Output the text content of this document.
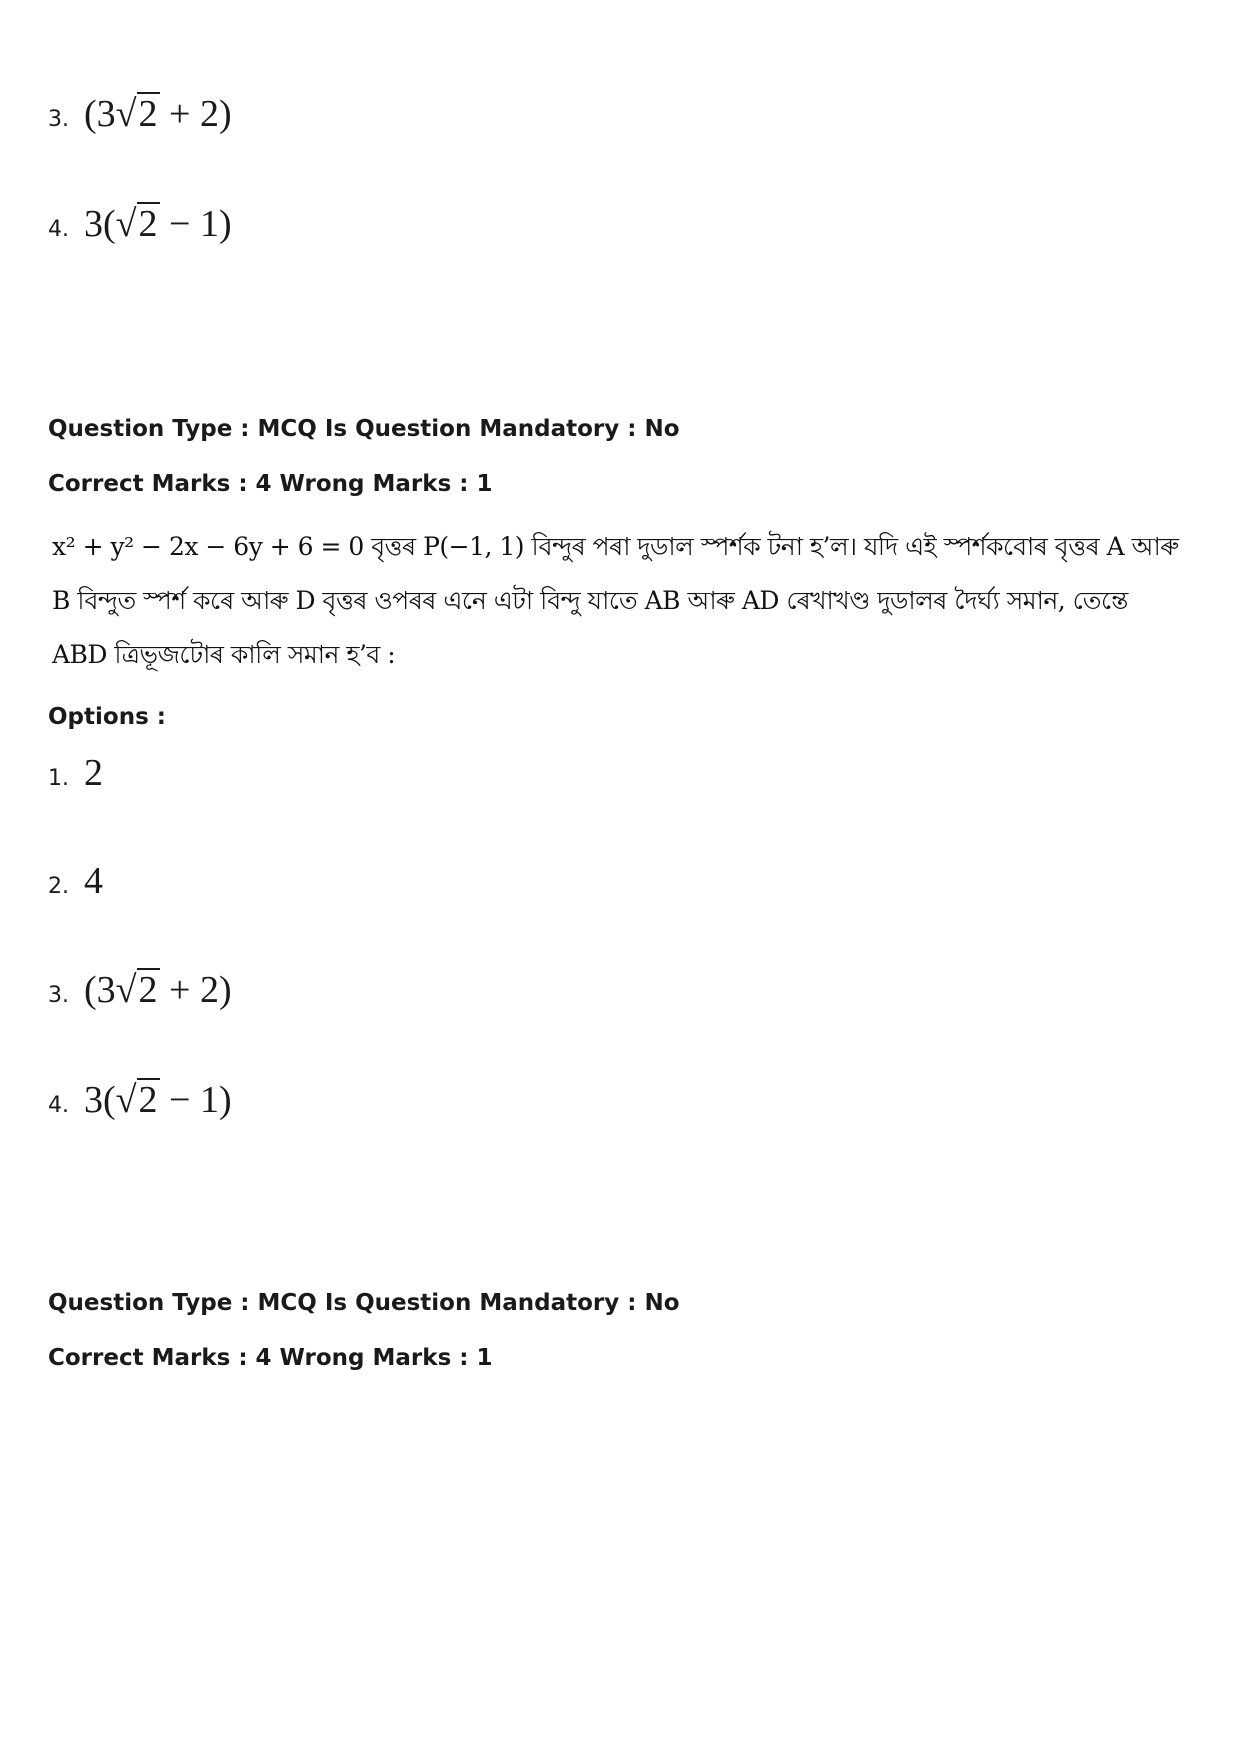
3. (3√2 + 2)
4. 3(√2 − 1)
Question Type : MCQ Is Question Mandatory : No
Correct Marks : 4 Wrong Marks : 1
x² + y² − 2x − 6y + 6 = 0 বৃত্তৰ P(−1, 1) বিন্দুৰ পৰা দুডাল স্পৰ্শক টনা হ’ল। যদি এই স্পৰ্শকবোৰ বৃত্তৰ A আৰু
B বিন্দুত স্পৰ্শ কৰে আৰু D বৃত্তৰ ওপৰৰ এনে এটা বিন্দু যাতে AB আৰু AD ৰেখাখণ্ড দুডালৰ দৈৰ্ঘ্য সমান, তেন্তে
ABD ত্ৰিভূজটোৰ কালি সমান হ’ব :
Options :
1. 2
2. 4
3. (3√2 + 2)
4. 3(√2 − 1)
Question Type : MCQ Is Question Mandatory : No
Correct Marks : 4 Wrong Marks : 1
